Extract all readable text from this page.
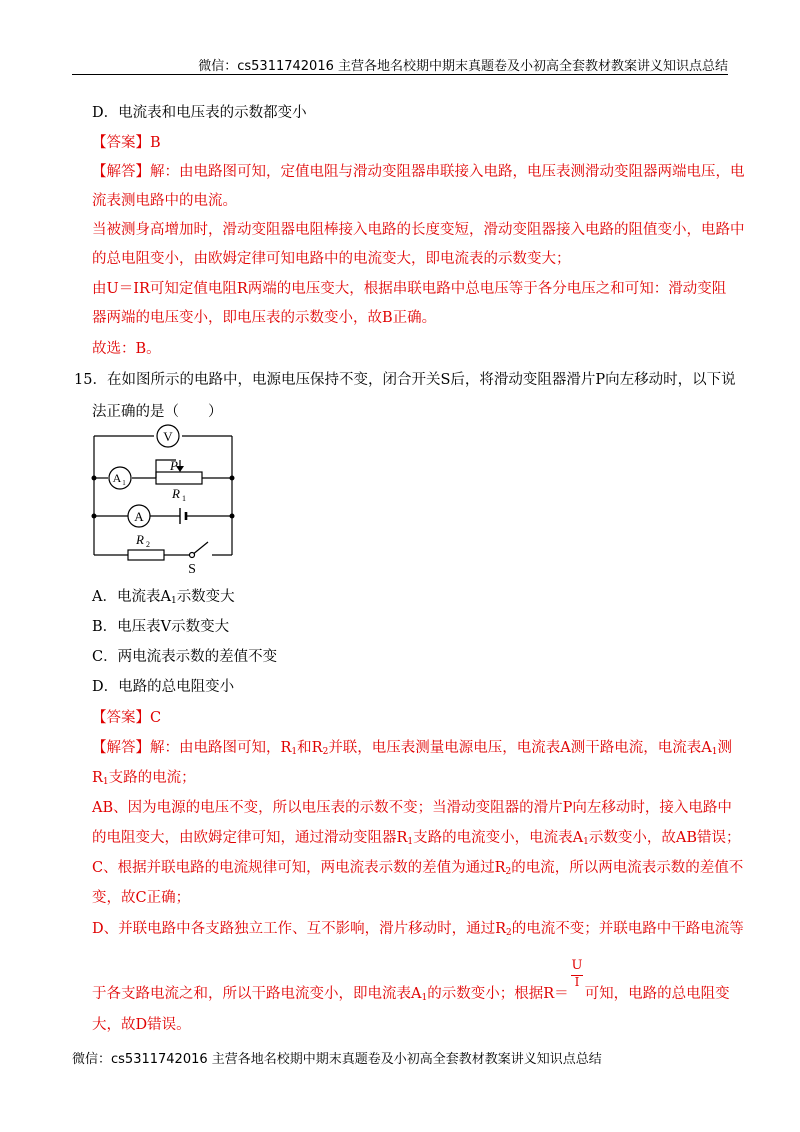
微信：cs5311742016 主营各地名校期中期末真题卷及小初高全套教材教案讲义知识点总结
D．电流表和电压表的示数都变小
【答案】B
【解答】解：由电路图可知，定值电阻与滑动变阻器串联接入电路，电压表测滑动变阻器两端电压，电
流表测电路中的电流。
当被测身高增加时，滑动变阻器电阻棒接入电路的长度变短，滑动变阻器接入电路的阻值变小，电路中
的总电阻变小，由欧姆定律可知电路中的电流变大，即电流表的示数变大；
由U＝IR可知定值电阻R两端的电压变大，根据串联电路中总电压等于各分电压之和可知：滑动变阻
器两端的电压变小，即电压表的示数变小，故B正确。
故选：B。
15．在如图所示的电路中，电源电压保持不变，闭合开关S后，将滑动变阻器滑片P向左移动时，以下说
法正确的是（　　）
V
A 1
A
P
R 1
R 2
S
A．电流表$A_1$示数变大
B．电压表V示数变大
C．两电流表示数的差值不变
D．电路的总电阻变小
【答案】C
【解答】解：由电路图可知，$R_1$和$R_2$并联，电压表测量电源电压，电流表A测干路电流，电流表$A_1$测
$R_1$支路的电流；
AB、因为电源的电压不变，所以电压表的示数不变；当滑动变阻器的滑片P向左移动时，接入电路中
的电阻变大，由欧姆定律可知，通过滑动变阻器$R_1$支路的电流变小，电流表$A_1$示数变小，故AB错误；
C、根据并联电路的电流规律可知，两电流表示数的差值为通过$R_2$的电流，所以两电流表示数的差值不
变，故C正确；
D、并联电路中各支路独立工作、互不影响，滑片移动时，通过$R_2$的电流不变；并联电路中干路电流等
U
I
于各支路电流之和，所以干路电流变小，即电流表$A_1$的示数变小；根据R＝ 可知，电路的总电阻变
大，故D错误。
微信：cs5311742016 主营各地名校期中期末真题卷及小初高全套教材教案讲义知识点总结
